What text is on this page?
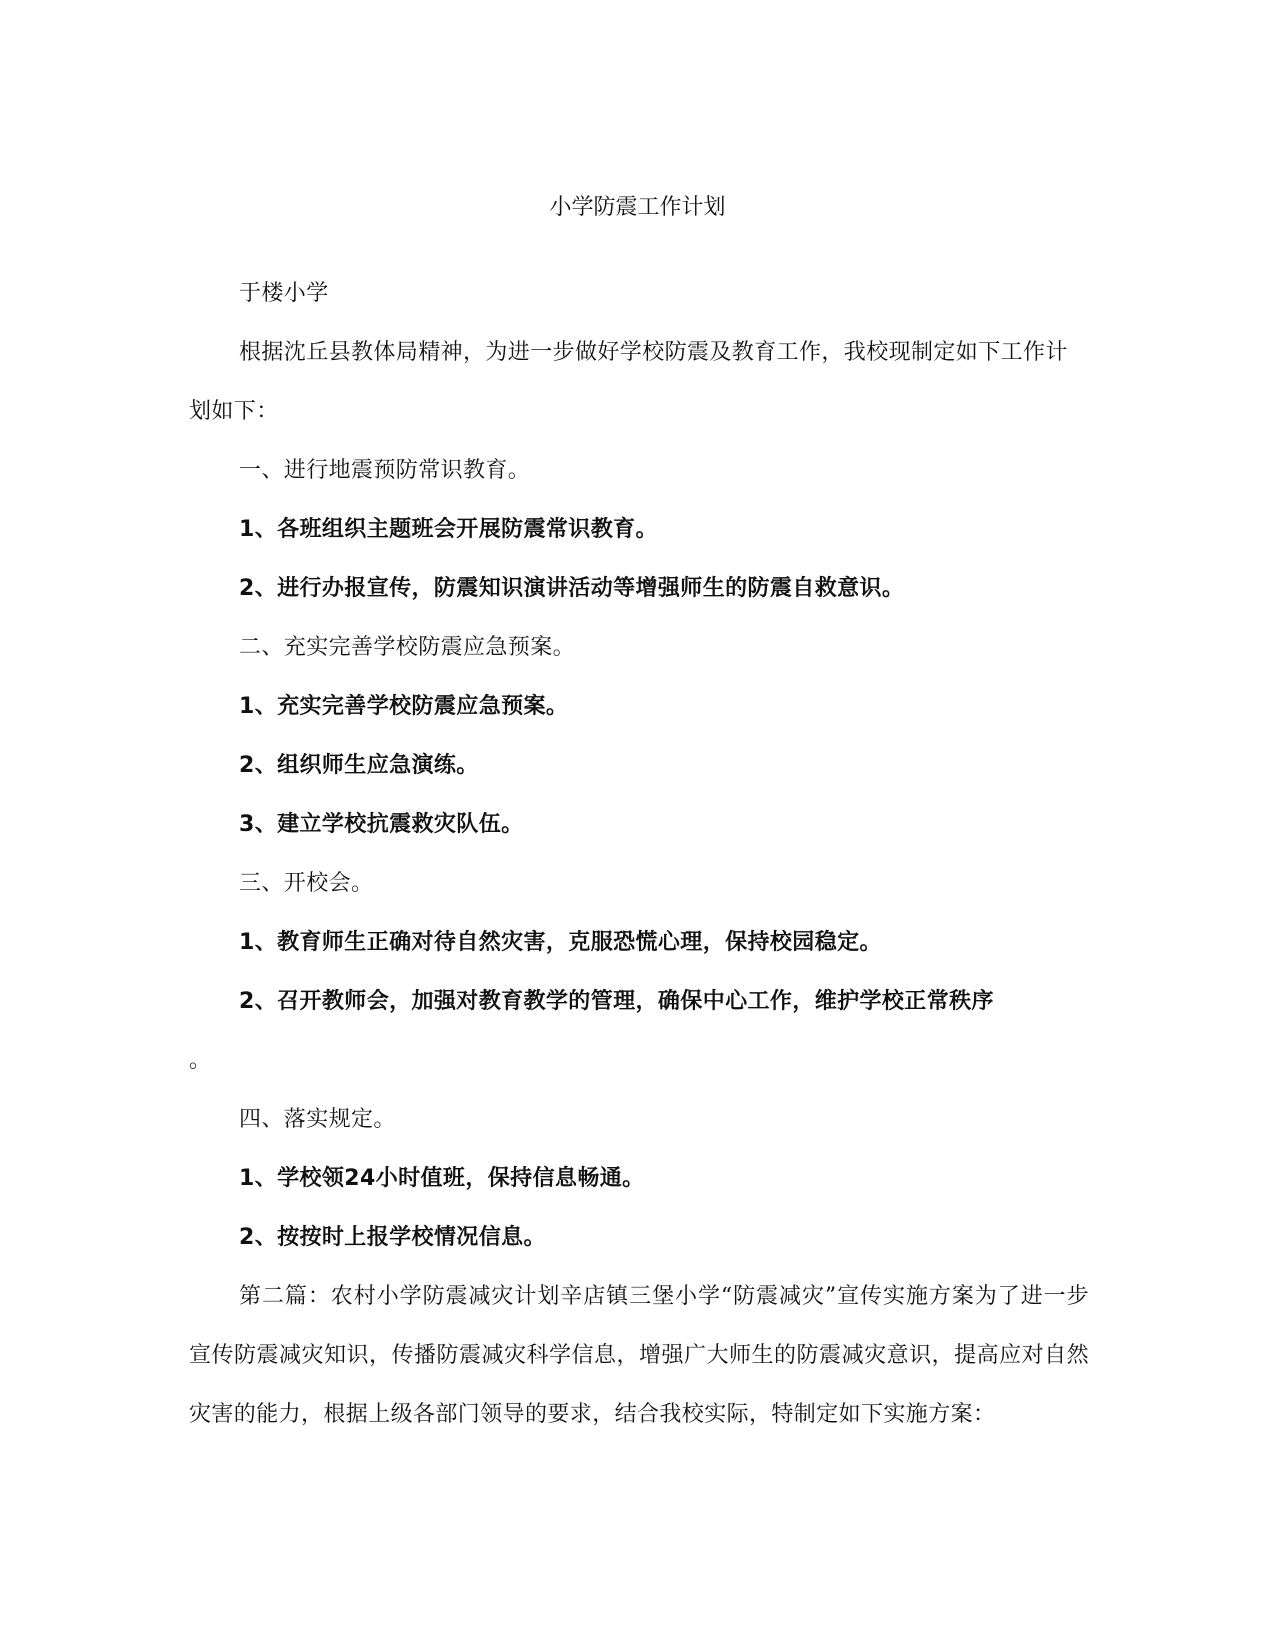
小学防震工作计划

于楼小学

根据沈丘县教体局精神，为进一步做好学校防震及教育工作，我校现制定如下工作计划如下：

一、进行地震预防常识教育。

1、各班组织主题班会开展防震常识教育。

2、进行办报宣传，防震知识演讲活动等增强师生的防震自救意识。

二、充实完善学校防震应急预案。

1、充实完善学校防震应急预案。

2、组织师生应急演练。

3、建立学校抗震救灾队伍。

三、开校会。

1、教育师生正确对待自然灾害，克服恐慌心理，保持校园稳定。

2、召开教师会，加强对教育教学的管理，确保中心工作，维护学校正常秩序

。

四、落实规定。

1、学校领24小时值班，保持信息畅通。

2、按按时上报学校情况信息。

第二篇：农村小学防震减灾计划辛店镇三堡小学“防震减灾”宣传实施方案为了进一步宣传防震减灾知识，传播防震减灾科学信息，增强广大师生的防震减灾意识，提高应对自然灾害的能力，根据上级各部门领导的要求，结合我校实际，特制定如下实施方案：
